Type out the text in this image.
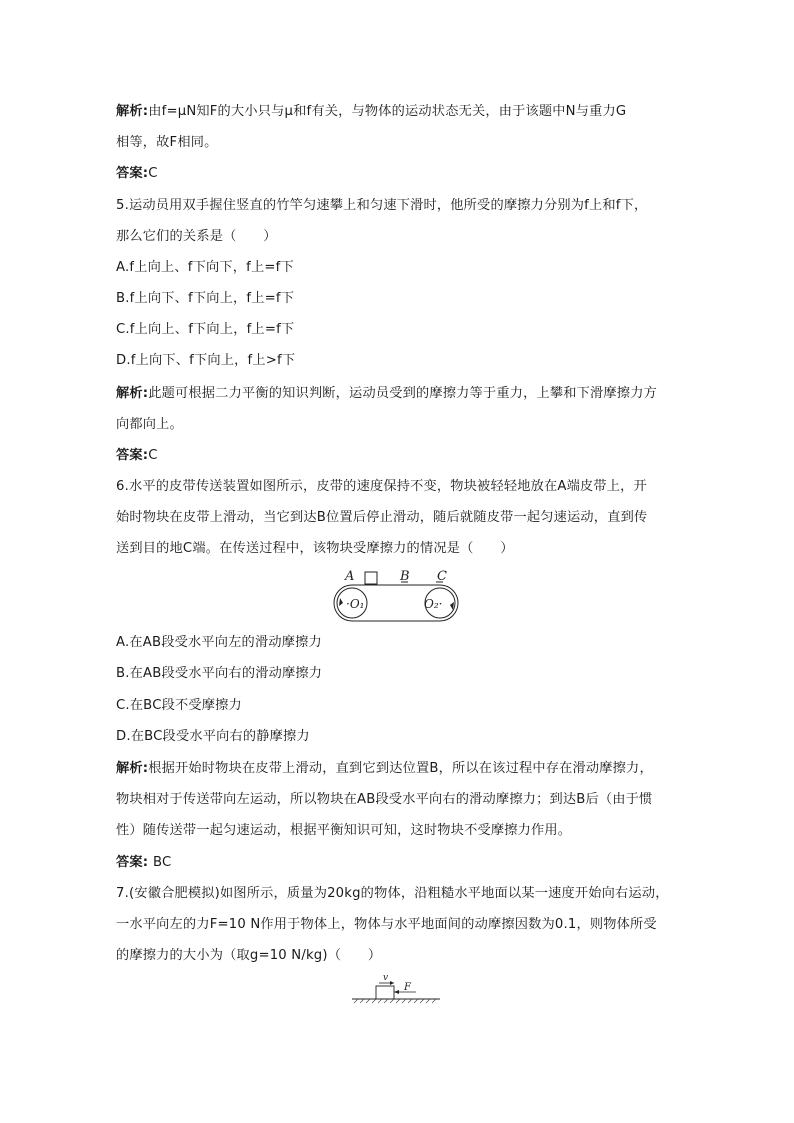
解析:由f=μN知F的大小只与μ和f有关，与物体的运动状态无关，由于该题中N与重力G
相等，故F相同。
答案:C
5.运动员用双手握住竖直的竹竿匀速攀上和匀速下滑时，他所受的摩擦力分别为f上和f下，
那么它们的关系是（　　）
A.f上向上、f下向下，f上=f下
B.f上向下、f下向上，f上=f下
C.f上向上、f下向上，f上=f下
D.f上向下、f下向上，f上>f下
解析:此题可根据二力平衡的知识判断，运动员受到的摩擦力等于重力，上攀和下滑摩擦力方
向都向上。
答案:C
6.水平的皮带传送装置如图所示，皮带的速度保持不变，物块被轻轻地放在A端皮带上，开
始时物块在皮带上滑动，当它到达B位置后停止滑动，随后就随皮带一起匀速运动，直到传
送到目的地C端。在传送过程中，该物块受摩擦力的情况是（　　）
A	B C
·O₁	O₂·
A.在AB段受水平向左的滑动摩擦力
B.在AB段受水平向右的滑动摩擦力
C.在BC段不受摩擦力
D.在BC段受水平向右的静摩擦力
解析:根据开始时物块在皮带上滑动，直到它到达位置B，所以在该过程中存在滑动摩擦力，
物块相对于传送带向左运动，所以物块在AB段受水平向右的滑动摩擦力；到达B后（由于惯
性）随传送带一起匀速运动，根据平衡知识可知，这时物块不受摩擦力作用。
答案: BC
7.(安徽合肥模拟)如图所示，质量为20kg的物体，沿粗糙水平地面以某一速度开始向右运动，
一水平向左的力F=10 N作用于物体上，物体与水平地面间的动摩擦因数为0.1，则物体所受
的摩擦力的大小为（取g=10 N/kg)（　　）
v
F
